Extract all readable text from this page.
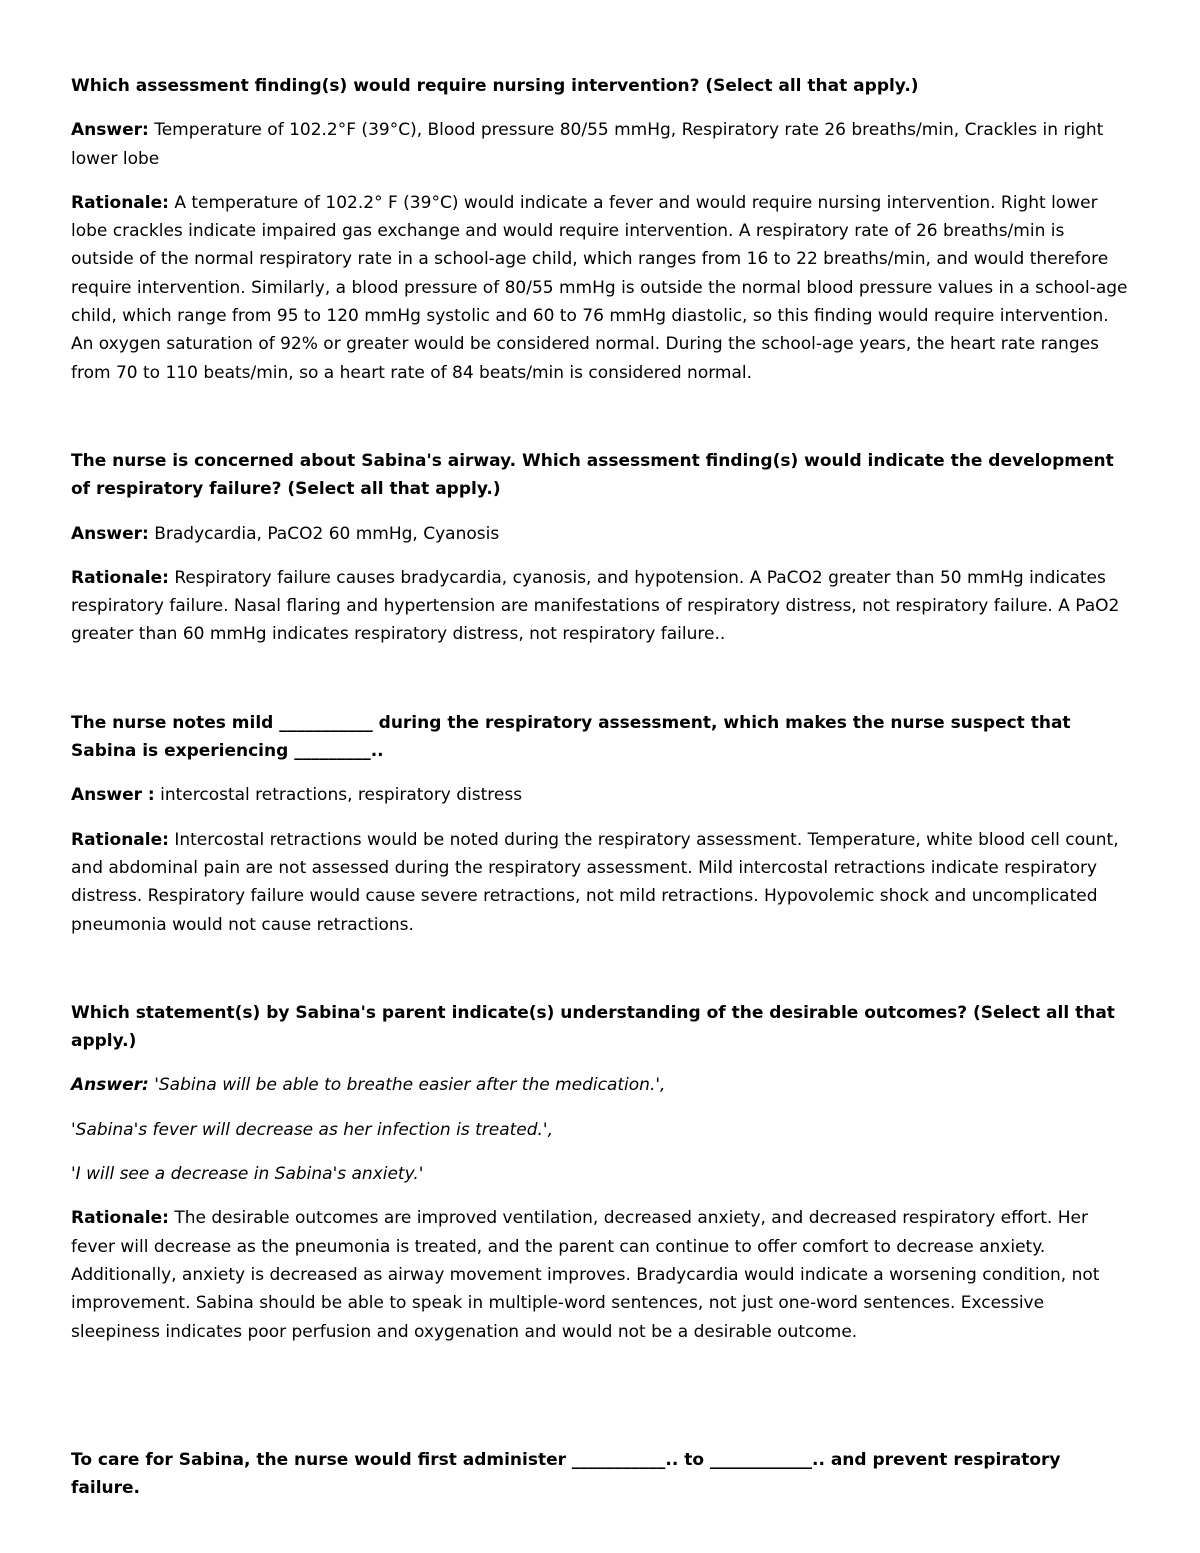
Which assessment finding(s) would require nursing intervention? (Select all that apply.)

Answer: Temperature of 102.2°F (39°C), Blood pressure 80/55 mmHg, Respiratory rate 26 breaths/min, Crackles in right lower lobe

Rationale: A temperature of 102.2° F (39°C) would indicate a fever and would require nursing intervention. Right lower lobe crackles indicate impaired gas exchange and would require intervention. A respiratory rate of 26 breaths/min is outside of the normal respiratory rate in a school-age child, which ranges from 16 to 22 breaths/min, and would therefore require intervention. Similarly, a blood pressure of 80/55 mmHg is outside the normal blood pressure values in a school-age child, which range from 95 to 120 mmHg systolic and 60 to 76 mmHg diastolic, so this finding would require intervention. An oxygen saturation of 92% or greater would be considered normal. During the school-age years, the heart rate ranges from 70 to 110 beats/min, so a heart rate of 84 beats/min is considered normal.

The nurse is concerned about Sabina's airway. Which assessment finding(s) would indicate the development of respiratory failure? (Select all that apply.)

Answer: Bradycardia, PaCO2 60 mmHg, Cyanosis

Rationale: Respiratory failure causes bradycardia, cyanosis, and hypotension. A PaCO2 greater than 50 mmHg indicates respiratory failure. Nasal flaring and hypertension are manifestations of respiratory distress, not respiratory failure. A PaO2 greater than 60 mmHg indicates respiratory distress, not respiratory failure..

The nurse notes mild ___________ during the respiratory assessment, which makes the nurse suspect that Sabina is experiencing _________..

Answer : intercostal retractions, respiratory distress

Rationale: Intercostal retractions would be noted during the respiratory assessment. Temperature, white blood cell count, and abdominal pain are not assessed during the respiratory assessment. Mild intercostal retractions indicate respiratory distress. Respiratory failure would cause severe retractions, not mild retractions. Hypovolemic shock and uncomplicated pneumonia would not cause retractions.

Which statement(s) by Sabina's parent indicate(s) understanding of the desirable outcomes? (Select all that apply.)

Answer: 'Sabina will be able to breathe easier after the medication.',

'Sabina's fever will decrease as her infection is treated.',

'I will see a decrease in Sabina's anxiety.'

Rationale: The desirable outcomes are improved ventilation, decreased anxiety, and decreased respiratory effort. Her fever will decrease as the pneumonia is treated, and the parent can continue to offer comfort to decrease anxiety. Additionally, anxiety is decreased as airway movement improves. Bradycardia would indicate a worsening condition, not improvement. Sabina should be able to speak in multiple-word sentences, not just one-word sentences. Excessive sleepiness indicates poor perfusion and oxygenation and would not be a desirable outcome.

To care for Sabina, the nurse would first administer ___________.. to ____________.. and prevent respiratory failure.
